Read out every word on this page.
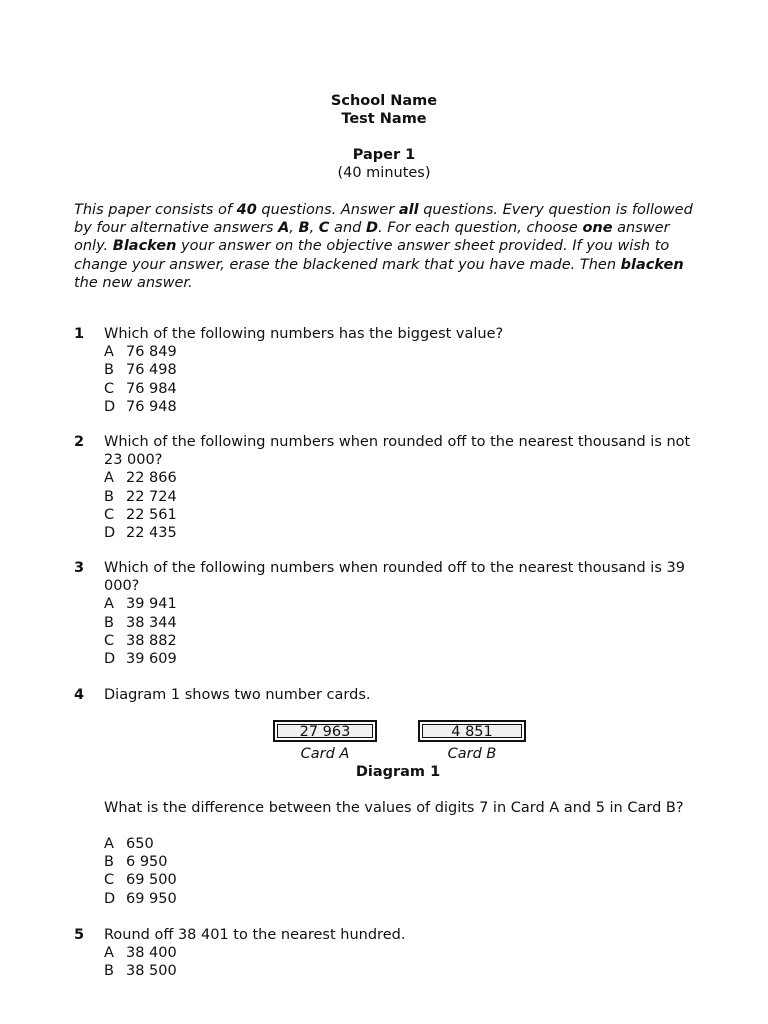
School Name
Test Name
Paper 1
(40 minutes)

This paper consists of 40 questions. Answer all questions. Every question is followed by four alternative answers A, B, C and D. For each question, choose one answer only. Blacken your answer on the objective answer sheet provided. If you wish to change your answer, erase the blackened mark that you have made. Then blacken the new answer.

1 Which of the following numbers has the biggest value?

A 76 849

B 76 498

C 76 984

D 76 948

2 Which of the following numbers when rounded off to the nearest thousand is not 23 000?

A 22 866

B 22 724

C 22 561

D 22 435

3 Which of the following numbers when rounded off to the nearest thousand is 39 000?

A 39 941

B 38 344

C 38 882

D 39 609

4 Diagram 1 shows two number cards.

27 963	4 851
Card A	Card B
Diagram 1

What is the difference between the values of digits 7 in Card A and 5 in Card B?

A 650

B 6 950

C 69 500

D 69 950

5 Round off 38 401 to the nearest hundred.

A 38 400

B 38 500
